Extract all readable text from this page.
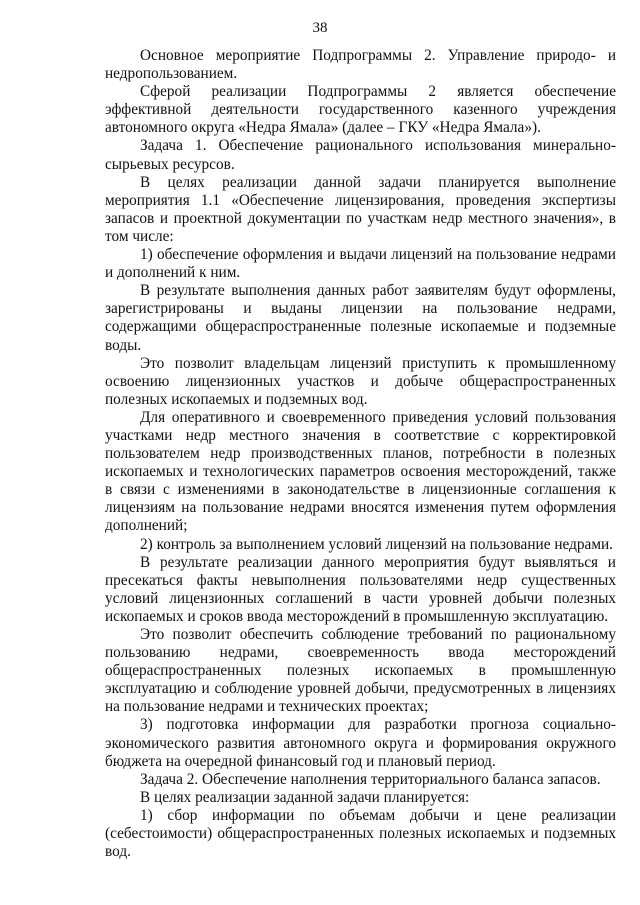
38

Основное мероприятие Подпрограммы 2. Управление природо- и недропользованием.

Сферой реализации Подпрограммы 2 является обеспечение эффективной деятельности государственного казенного учреждения автономного округа «Недра Ямала» (далее – ГКУ «Недра Ямала»).

Задача 1. Обеспечение рационального использования минерально-сырьевых ресурсов.

В целях реализации данной задачи планируется выполнение мероприятия 1.1 «Обеспечение лицензирования, проведения экспертизы запасов и проектной документации по участкам недр местного значения», в том числе:

1) обеспечение оформления и выдачи лицензий на пользование недрами и дополнений к ним.

В результате выполнения данных работ заявителям будут оформлены, зарегистрированы и выданы лицензии на пользование недрами, содержащими общераспространенные полезные ископаемые и подземные воды.

Это позволит владельцам лицензий приступить к промышленному освоению лицензионных участков и добыче общераспространенных полезных ископаемых и подземных вод.

Для оперативного и своевременного приведения условий пользования участками недр местного значения в соответствие с корректировкой пользователем недр производственных планов, потребности в полезных ископаемых и технологических параметров освоения месторождений, также в связи с изменениями в законодательстве в лицензионные соглашения к лицензиям на пользование недрами вносятся изменения путем оформления дополнений;

2) контроль за выполнением условий лицензий на пользование недрами.

В результате реализации данного мероприятия будут выявляться и пресекаться факты невыполнения пользователями недр существенных условий лицензионных соглашений в части уровней добычи полезных ископаемых и сроков ввода месторождений в промышленную эксплуатацию.

Это позволит обеспечить соблюдение требований по рациональному пользованию недрами, своевременность ввода месторождений общераспространенных полезных ископаемых в промышленную эксплуатацию и соблюдение уровней добычи, предусмотренных в лицензиях на пользование недрами и технических проектах;

3) подготовка информации для разработки прогноза социально-экономического развития автономного округа и формирования окружного бюджета на очередной финансовый год и плановый период.

Задача 2. Обеспечение наполнения территориального баланса запасов.

В целях реализации заданной задачи планируется:

1) сбор информации по объемам добычи и цене реализации (себестоимости) общераспространенных полезных ископаемых и подземных вод.
